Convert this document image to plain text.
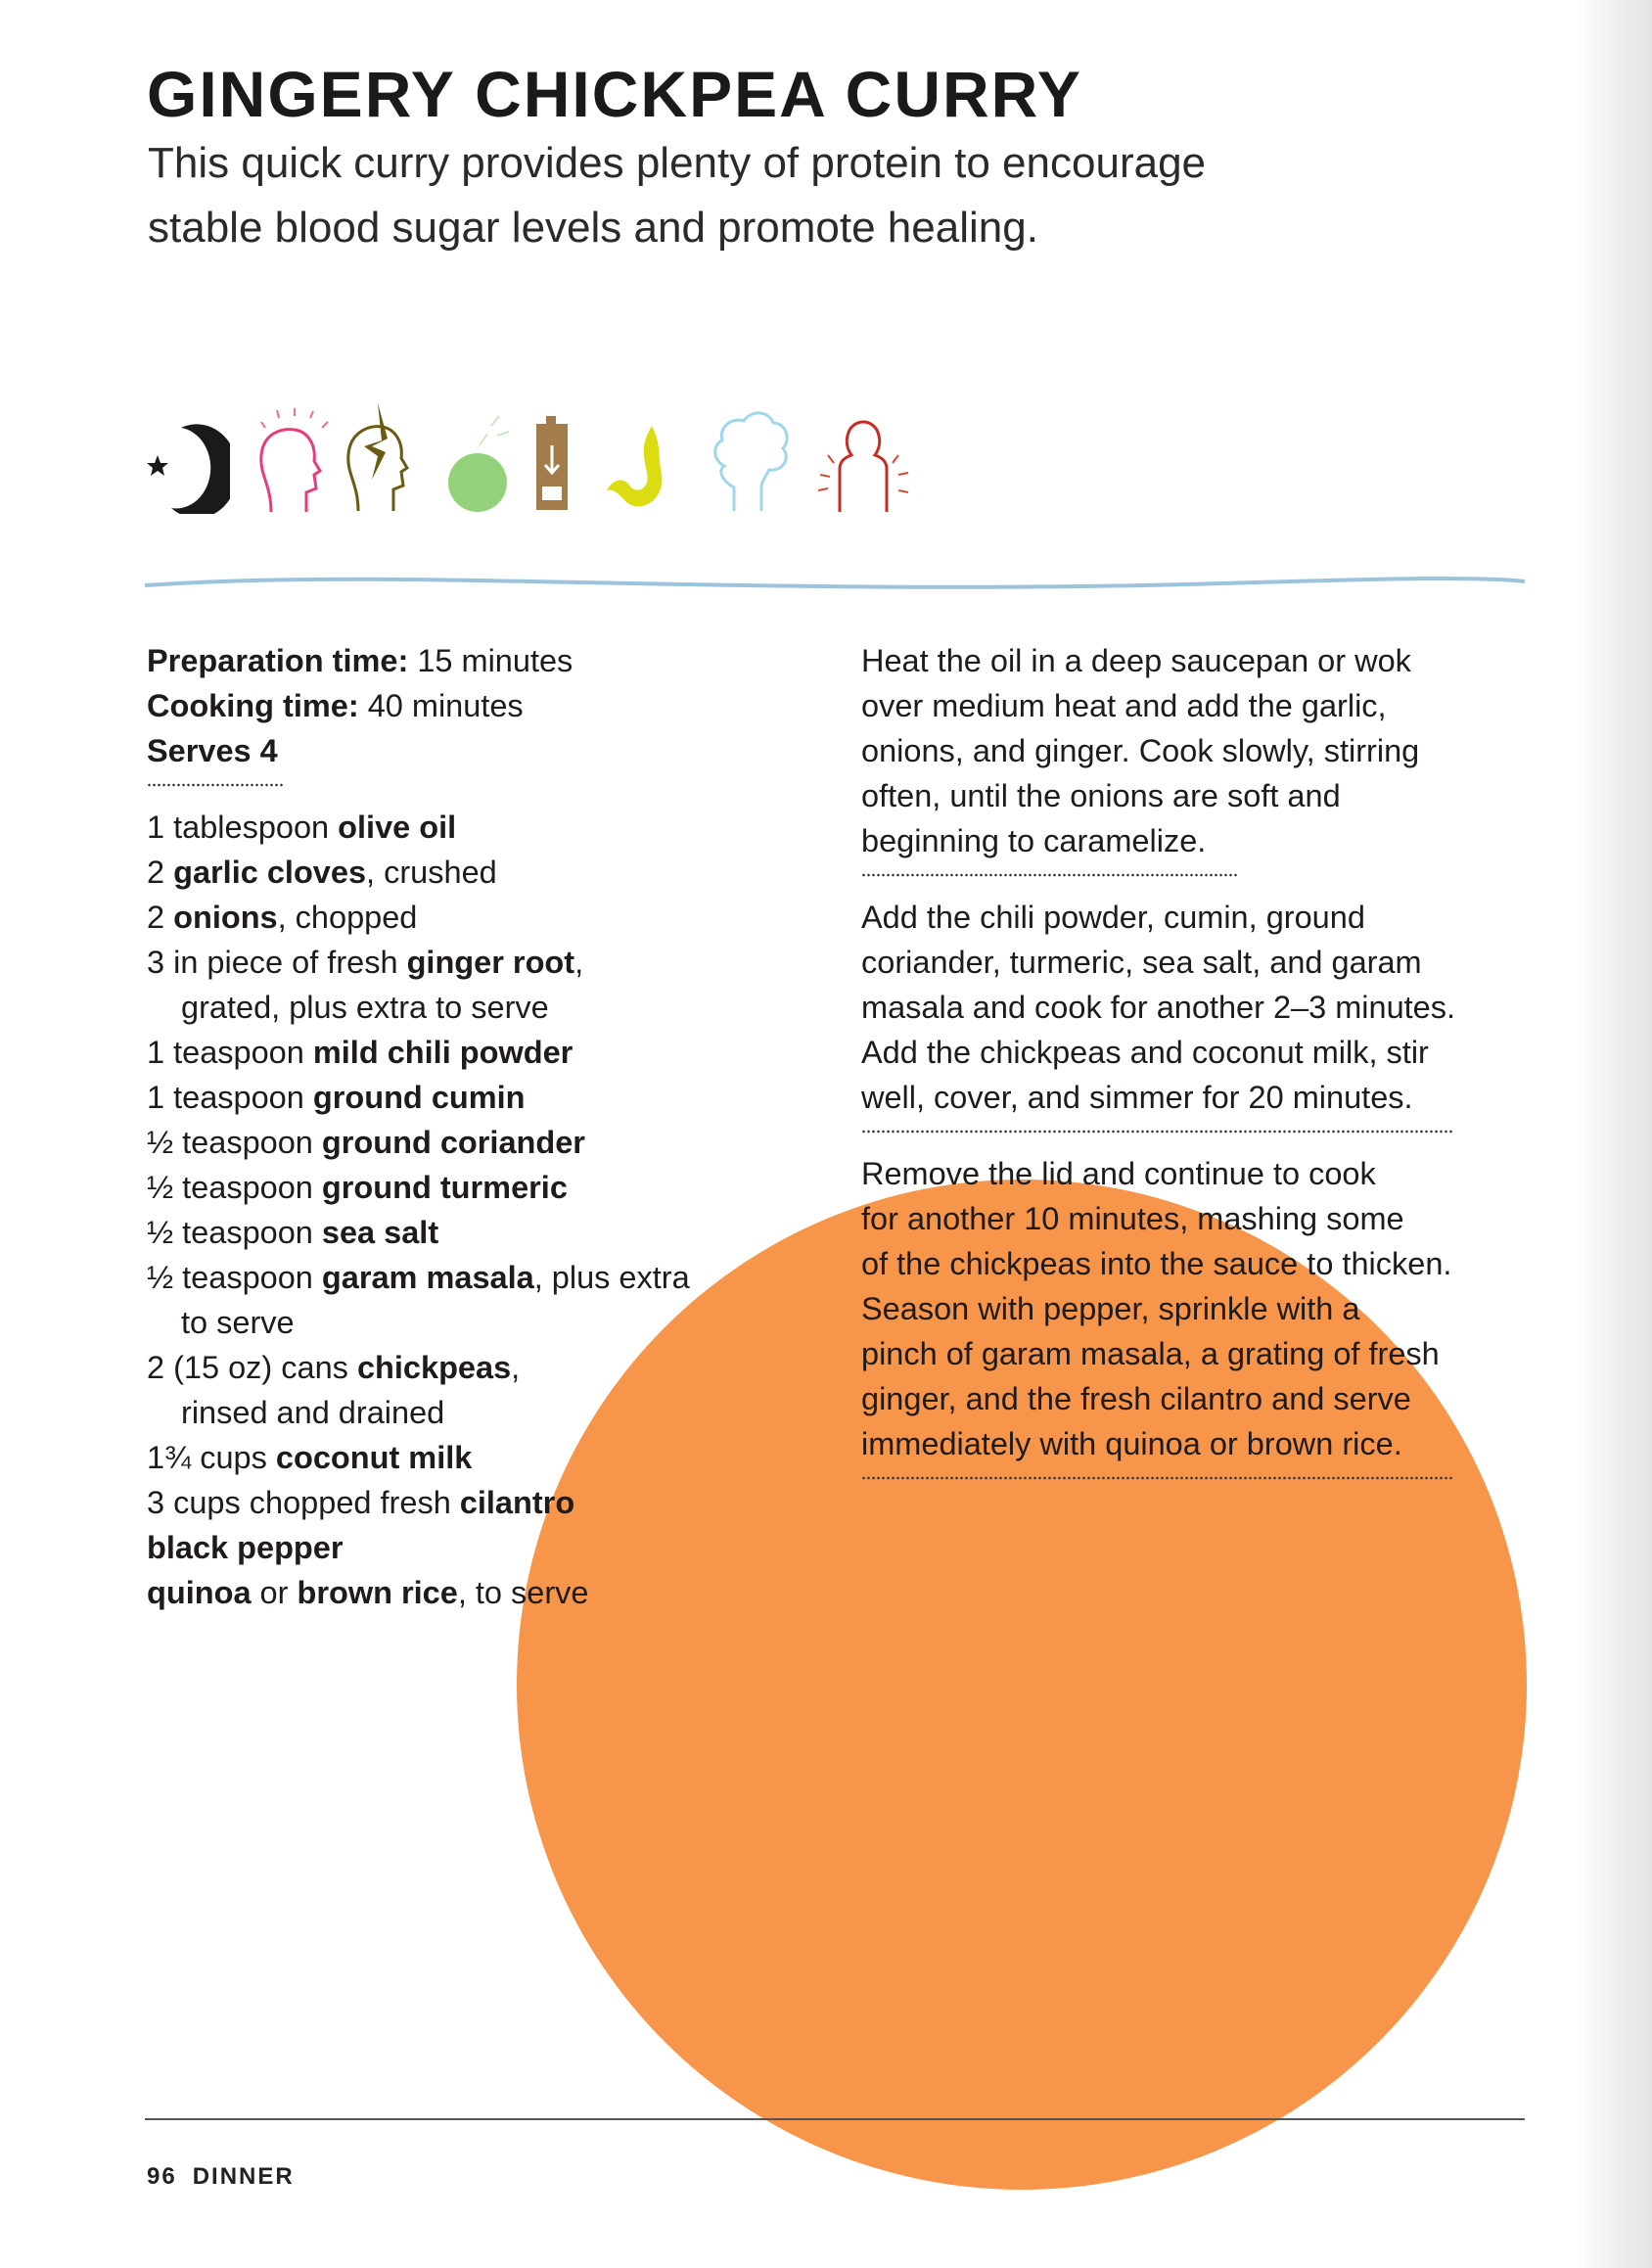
GINGERY CHICKPEA CURRY
This quick curry provides plenty of protein to encourage
stable blood sugar levels and promote healing.
Preparation time: 15 minutes
Cooking time: 40 minutes
Serves 4
1 tablespoon olive oil
2 garlic cloves, crushed
2 onions, chopped
3 in piece of fresh ginger root,
grated, plus extra to serve
1 teaspoon mild chili powder
1 teaspoon ground cumin
½ teaspoon ground coriander
½ teaspoon ground turmeric
½ teaspoon sea salt
½ teaspoon garam masala, plus extra
to serve
2 (15 oz) cans chickpeas,
rinsed and drained
1¾ cups coconut milk
3 cups chopped fresh cilantro
black pepper
quinoa or brown rice, to serve
Heat the oil in a deep saucepan or wok
over medium heat and add the garlic,
onions, and ginger. Cook slowly, stirring
often, until the onions are soft and
beginning to caramelize.
Add the chili powder, cumin, ground
coriander, turmeric, sea salt, and garam
masala and cook for another 2–3 minutes.
Add the chickpeas and coconut milk, stir
well, cover, and simmer for 20 minutes.
Remove the lid and continue to cook
for another 10 minutes, mashing some
of the chickpeas into the sauce to thicken.
Season with pepper, sprinkle with a
pinch of garam masala, a grating of fresh
ginger, and the fresh cilantro and serve
immediately with quinoa or brown rice.
96 DINNER
